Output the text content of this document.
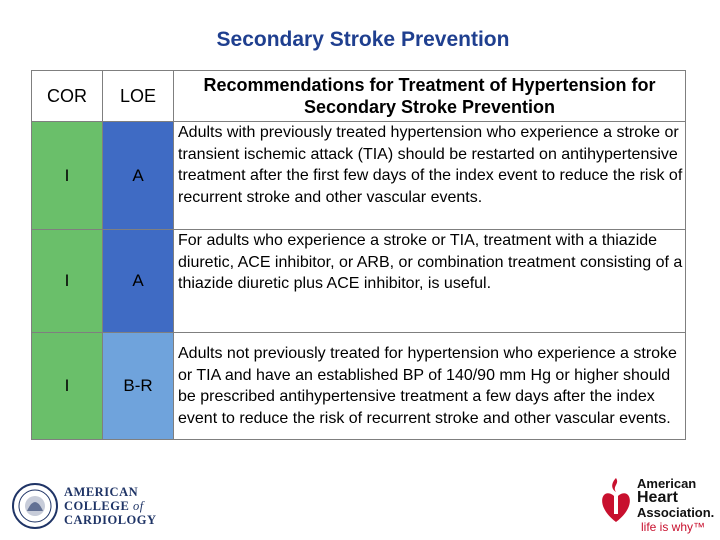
Secondary Stroke Prevention
COR	LOE	Recommendations for Treatment of Hypertension for Secondary Stroke Prevention
I	A	Adults with previously treated hypertension who experience a stroke or transient ischemic attack (TIA) should be restarted on antihypertensive treatment after the first few days of the index event to reduce the risk of recurrent stroke and other vascular events.
I	A	For adults who experience a stroke or TIA, treatment with a thiazide diuretic, ACE inhibitor, or ARB, or combination treatment consisting of a thiazide diuretic plus ACE inhibitor, is useful.
I	B-R	Adults not previously treated for hypertension who experience a stroke or TIA and have an established BP of 140/90 mm Hg or higher should be prescribed antihypertensive treatment a few days after the index event to reduce the risk of recurrent stroke and other vascular events.
AMERICAN
COLLEGE of
CARDIOLOGY
American
Heart
Association.
life is why™
